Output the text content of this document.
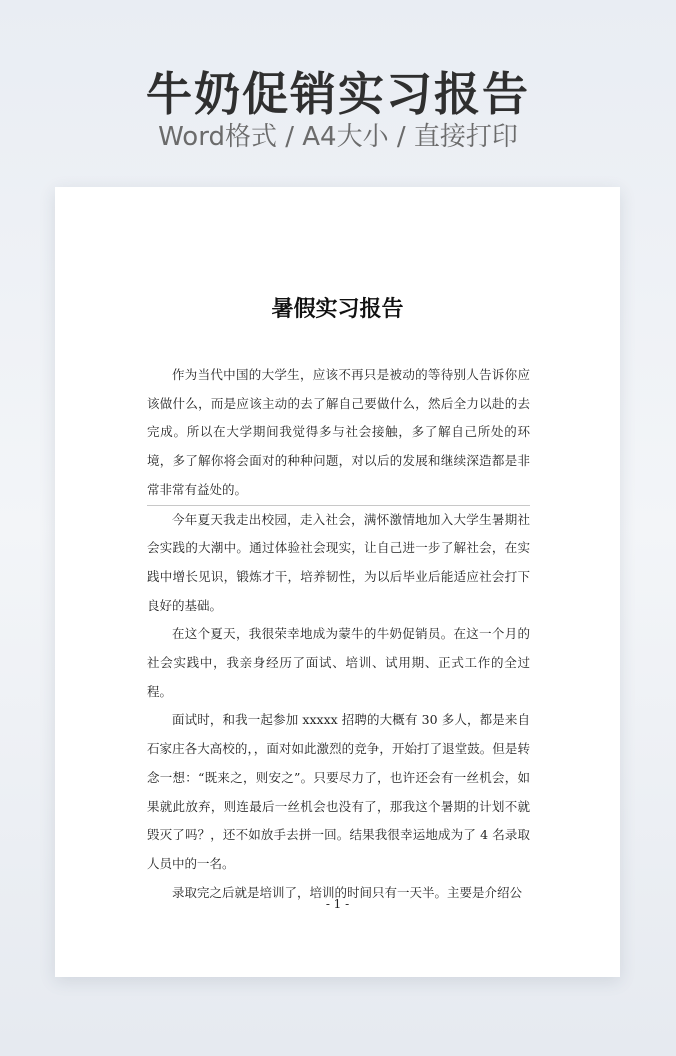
牛奶促销实习报告
Word格式 / A4大小 / 直接打印
暑假实习报告

作为当代中国的大学生，应该不再只是被动的等待别人告诉你应该做什么，而是应该主动的去了解自己要做什么，然后全力以赴的去完成。所以在大学期间我觉得多与社会接触，多了解自己所处的环境，多了解你将会面对的种种问题，对以后的发展和继续深造都是非常非常有益处的。

今年夏天我走出校园，走入社会，满怀激情地加入大学生暑期社会实践的大潮中。通过体验社会现实，让自己进一步了解社会，在实践中增长见识，锻炼才干，培养韧性，为以后毕业后能适应社会打下良好的基础。

在这个夏天，我很荣幸地成为蒙牛的牛奶促销员。在这一个月的社会实践中，我亲身经历了面试、培训、试用期、正式工作的全过程。

面试时，和我一起参加 xxxxx 招聘的大概有 30 多人，都是来自石家庄各大高校的，，面对如此激烈的竞争，开始打了退堂鼓。但是转念一想：“既来之，则安之”。只要尽力了，也许还会有一丝机会，如果就此放弃，则连最后一丝机会也没有了，那我这个暑期的计划不就毁灭了吗？，还不如放手去拼一回。结果我很幸运地成为了 4 名录取人员中的一名。

录取完之后就是培训了，培训的时间只有一天半。主要是介绍公

- 1 -
